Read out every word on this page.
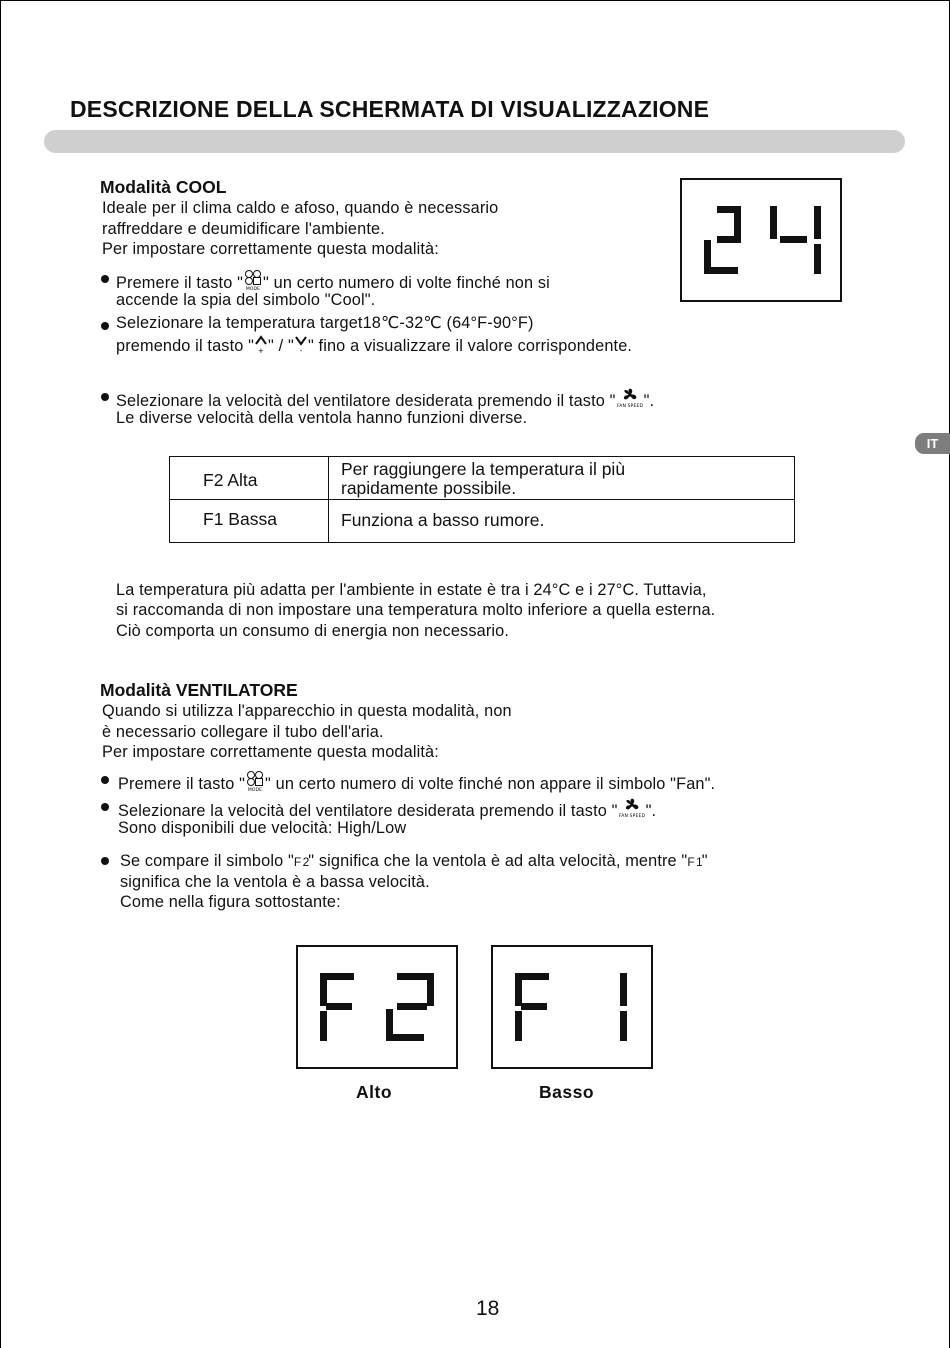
DESCRIZIONE DELLA SCHERMATA DI VISUALIZZAZIONE
IT
Modalità COOL
Ideale per il clima caldo e afoso, quando è necessario
raffreddare e deumidificare l'ambiente.
Per impostare correttamente questa modalità:
Premere il tasto " MODE " un certo numero di volte finché non si
accende la spia del simbolo "Cool".
Selezionare la temperatura target18℃-32℃ (64°F-90°F)
premendo il tasto " + " / " - " fino a visualizzare il valore corrispondente.
Selezionare la velocità del ventilatore desiderata premendo il tasto " FAN SPEED ".
Le diverse velocità della ventola hanno funzioni diverse.
F2 Alta
Per raggiungere la temperatura il più
rapidamente possibile.
F1 Bassa	Funziona a basso rumore.
La temperatura più adatta per l'ambiente in estate è tra i 24°C e i 27°C. Tuttavia,
si raccomanda di non impostare una temperatura molto inferiore a quella esterna.
Ciò comporta un consumo di energia non necessario.
Modalità VENTILATORE
Quando si utilizza l'apparecchio in questa modalità, non
è necessario collegare il tubo dell'aria.
Per impostare correttamente questa modalità:
Premere il tasto " MODE " un certo numero di volte finché non appare il simbolo "Fan".
Selezionare la velocità del ventilatore desiderata premendo il tasto " FAN SPEED ".
Sono disponibili due velocità: High/Low
Se compare il simbolo "F 2" significa che la ventola è ad alta velocità, mentre "F 1"
significa che la ventola è a bassa velocità.
Come nella figura sottostante:
Alto	Basso
18
